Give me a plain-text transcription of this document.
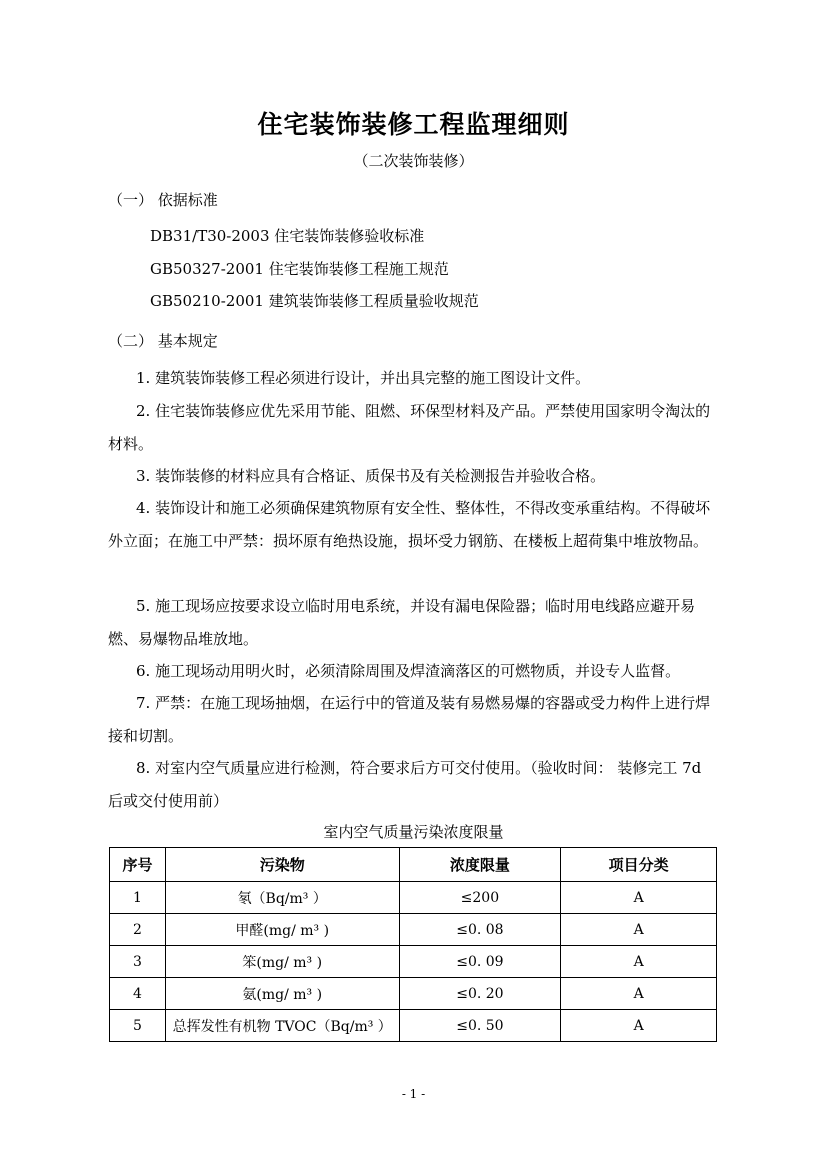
住宅装饰装修工程监理细则
（二次装饰装修）
（一） 依据标准
DB31/T30-2003 住宅装饰装修验收标准
GB50327-2001 住宅装饰装修工程施工规范
GB50210-2001 建筑装饰装修工程质量验收规范
（二） 基本规定

1. 建筑装饰装修工程必须进行设计，并出具完整的施工图设计文件。

2. 住宅装饰装修应优先采用节能、阻燃、环保型材料及产品。严禁使用国家明令淘汰的材料。

3. 装饰装修的材料应具有合格证、质保书及有关检测报告并验收合格。

4. 装饰设计和施工必须确保建筑物原有安全性、整体性，不得改变承重结构。不得破坏外立面；在施工中严禁：损坏原有绝热设施，损坏受力钢筋、在楼板上超荷集中堆放物品。

5. 施工现场应按要求设立临时用电系统，并设有漏电保险器；临时用电线路应避开易燃、易爆物品堆放地。

6. 施工现场动用明火时，必须清除周围及焊渣滴落区的可燃物质，并设专人监督。

7. 严禁：在施工现场抽烟，在运行中的管道及装有易燃易爆的容器或受力构件上进行焊接和切割。

8. 对室内空气质量应进行检测，符合要求后方可交付使用。（验收时间： 装修完工 7d 后或交付使用前）

室内空气质量污染浓度限量
序号	污染物	浓度限量	项目分类
1	氡（Bq/m³ ）	≤200	A
2	甲醛(mg/ m³ )	≤0. 08	A
3	笨(mg/ m³ )	≤0. 09	A
4	氨(mg/ m³ )	≤0. 20	A
5	总挥发性有机物 TVOC（Bq/m³ ）	≤0. 50	A
- 1 -
